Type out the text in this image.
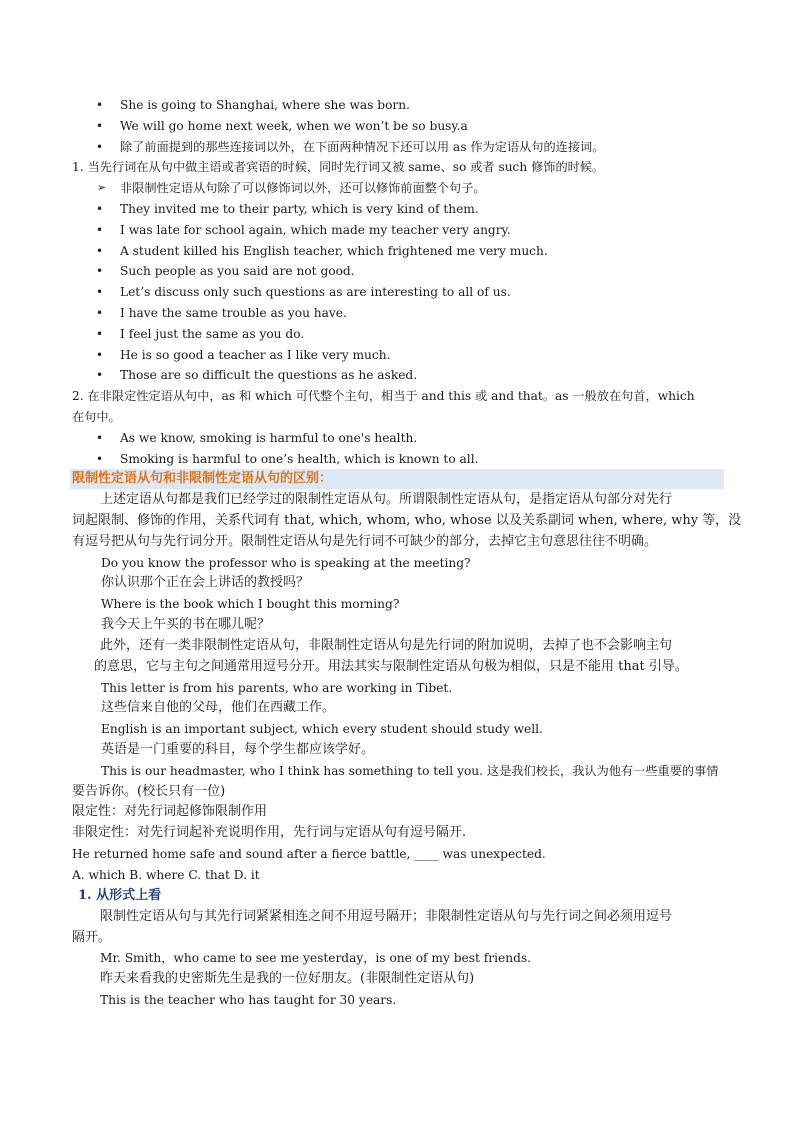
• She is going to Shanghai, where she was born.
• We will go home next week, when we won’t be so busy.a
• 除了前面提到的那些连接词以外，在下面两种情况下还可以用 as 作为定语从句的连接词。
1. 当先行词在从句中做主语或者宾语的时候，同时先行词又被 same、so 或者 such 修饰的时候。
➢ 非限制性定语从句除了可以修饰词以外，还可以修饰前面整个句子。
• They invited me to their party, which is very kind of them.
• I was late for school again, which made my teacher very angry.
• A student killed his English teacher, which frightened me very much.
• Such people as you said are not good.
• Let’s discuss only such questions as are interesting to all of us.
• I have the same trouble as you have.
• I feel just the same as you do.
• He is so good a teacher as I like very much.
• Those are so difficult the questions as he asked.
2. 在非限定性定语从句中，as 和 which 可代整个主句，相当于 and this 或 and that。as 一般放在句首，which
在句中。
• As we know, smoking is harmful to one's health.
• Smoking is harmful to one’s health, which is known to all.
限制性定语从句和非限制性定语从句的区别：
上述定语从句都是我们已经学过的限制性定语从句。所谓限制性定语从句，是指定语从句部分对先行
词起限制、修饰的作用，关系代词有 that, which, whom, who, whose 以及关系副词 when, where, why 等，没
有逗号把从句与先行词分开。限制性定语从句是先行词不可缺少的部分，去掉它主句意思往往不明确。
Do you know the professor who is speaking at the meeting?
你认识那个正在会上讲话的教授吗？
Where is the book which I bought this morning?
我今天上午买的书在哪儿呢？
此外，还有一类非限制性定语从句，非限制性定语从句是先行词的附加说明，去掉了也不会影响主句
的意思，它与主句之间通常用逗号分开。用法其实与限制性定语从句极为相似，只是不能用 that 引导。
This letter is from his parents, who are working in Tibet.
这些信来自他的父母，他们在西藏工作。
English is an important subject, which every student should study well.
英语是一门重要的科目，每个学生都应该学好。
This is our headmaster, who I think has something to tell you. 这是我们校长，我认为他有一些重要的事情
要告诉你。(校长只有一位)
限定性：对先行词起修饰限制作用
非限定性：对先行词起补充说明作用，先行词与定语从句有逗号隔开.
He returned home safe and sound after a fierce battle, ____ was unexpected.
A. which B. where C. that D. it
1. 从形式上看
限制性定语从句与其先行词紧紧相连之间不用逗号隔开；非限制性定语从句与先行词之间必须用逗号
隔开。
Mr. Smith，who came to see me yesterday，is one of my best friends.
昨天来看我的史密斯先生是我的一位好朋友。(非限制性定语从句)
This is the teacher who has taught for 30 years.
